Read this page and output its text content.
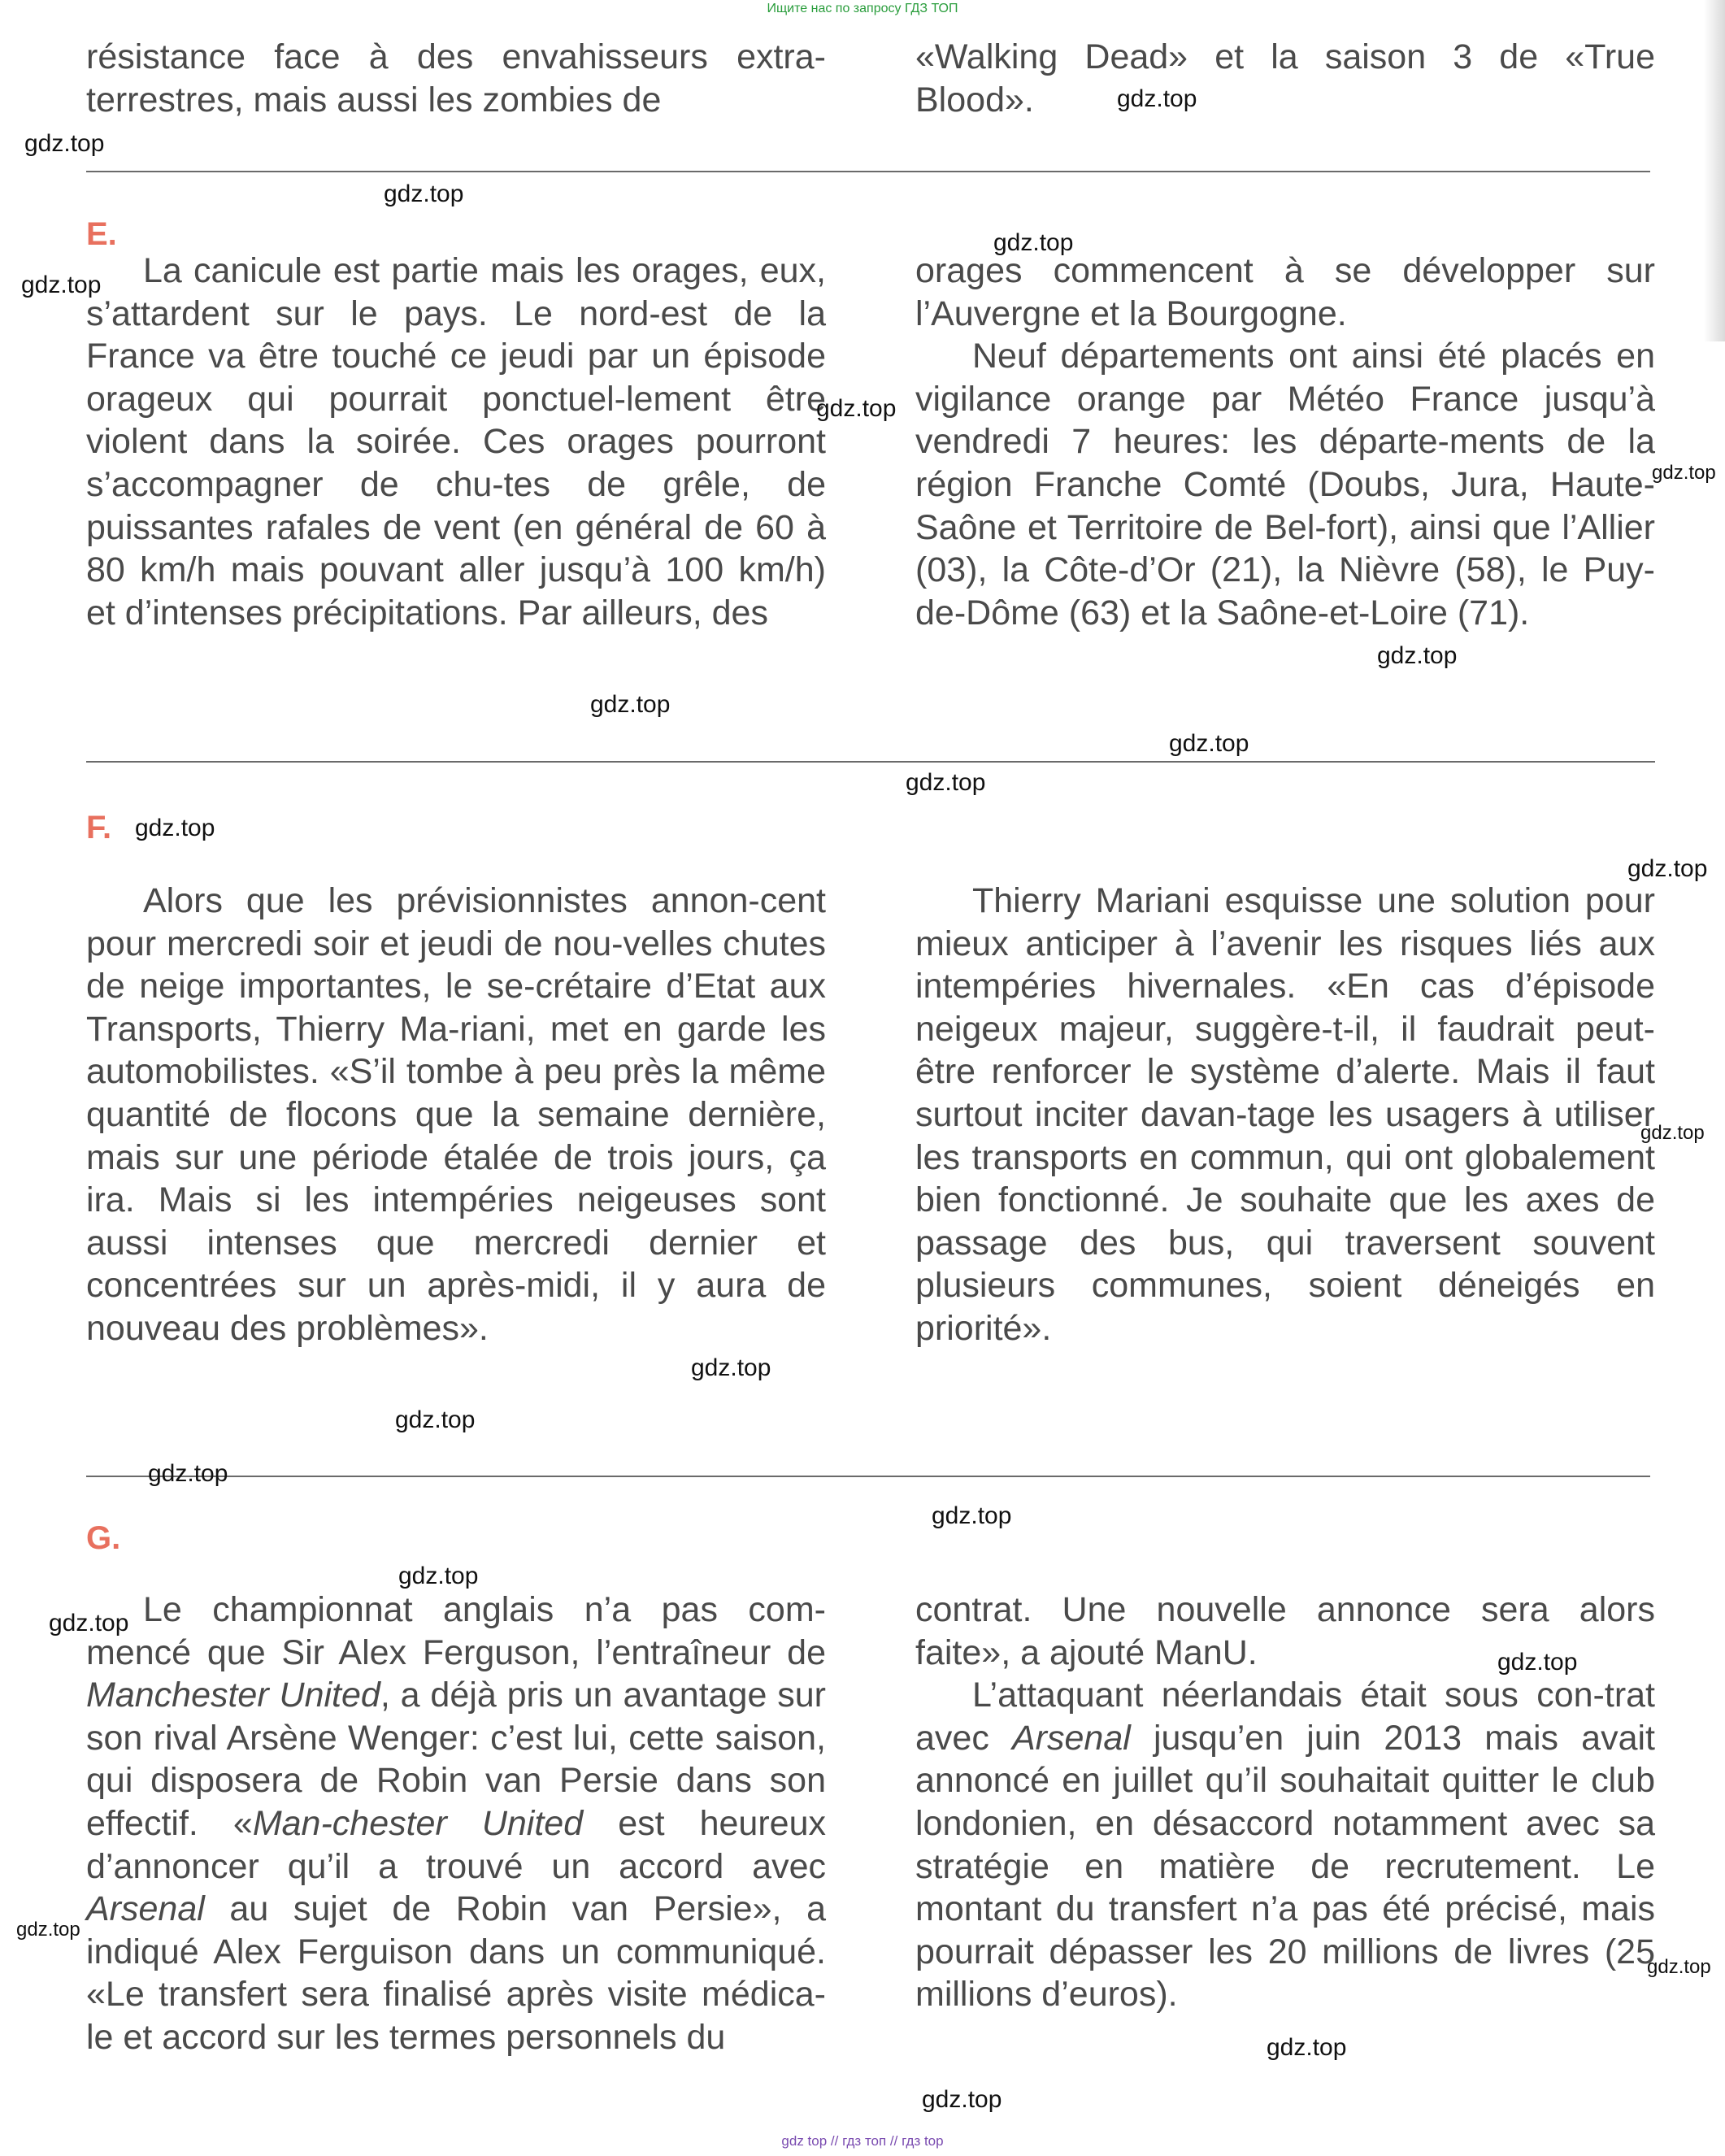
Ищите нас по запросу ГДЗ ТОП

résistance face à des envahisseurs extra-terrestres, mais aussi les zombies de

«Walking Dead» et la saison 3 de «True Blood».

E.

La canicule est partie mais les orages, eux, s’attardent sur le pays. Le nord-est de la France va être touché ce jeudi par un épisode orageux qui pourrait ponctuel-lement être violent dans la soirée. Ces orages pourront s’accompagner de chu-tes de grêle, de puissantes rafales de vent (en général de 60 à 80 km/h mais pouvant aller jusqu’à 100 km/h) et d’intenses précipitations. Par ailleurs, des

orages commencent à se développer sur l’Auvergne et la Bourgogne.

Neuf départements ont ainsi été placés en vigilance orange par Météo France jusqu’à vendredi 7 heures: les départe-ments de la région Franche Comté (Doubs, Jura, Haute-Saône et Territoire de Bel-fort), ainsi que l’Allier (03), la Côte-d’Or (21), la Nièvre (58), le Puy-de-Dôme (63) et la Saône-et-Loire (71).

F.

Alors que les prévisionnistes annon-cent pour mercredi soir et jeudi de nou-velles chutes de neige importantes, le se-crétaire d’Etat aux Transports, Thierry Ma-riani, met en garde les automobilistes. «S’il tombe à peu près la même quantité de flocons que la semaine dernière, mais sur une période étalée de trois jours, ça ira. Mais si les intempéries neigeuses sont aussi intenses que mercredi dernier et concentrées sur un après-midi, il y aura de nouveau des problèmes».

Thierry Mariani esquisse une solution pour mieux anticiper à l’avenir les risques liés aux intempéries hivernales. «En cas d’épisode neigeux majeur, suggère-t-il, il faudrait peut-être renforcer le système d’alerte. Mais il faut surtout inciter davan-tage les usagers à utiliser les transports en commun, qui ont globalement bien fonctionné. Je souhaite que les axes de passage des bus, qui traversent souvent plusieurs communes, soient déneigés en priorité».

G.

Le championnat anglais n’a pas com-mencé que Sir Alex Ferguson, l’entraîneur de Manchester United, a déjà pris un avantage sur son rival Arsène Wenger: c’est lui, cette saison, qui disposera de Robin van Persie dans son effectif. «Man-chester United est heureux d’annoncer qu’il a trouvé un accord avec Arsenal au sujet de Robin van Persie», a indiqué Alex Ferguison dans un communiqué. «Le transfert sera finalisé après visite médica-le et accord sur les termes personnels du

contrat. Une nouvelle annonce sera alors faite», a ajouté ManU.

L’attaquant néerlandais était sous con-trat avec Arsenal jusqu’en juin 2013 mais avait annoncé en juillet qu’il souhaitait quitter le club londonien, en désaccord notamment avec sa stratégie en matière de recrutement. Le montant du transfert n’a pas été précisé, mais pourrait dépasser les 20 millions de livres (25 millions d’euros).

gdz.top
gdz.top
gdz.top
gdz.top
gdz.top
gdz.top
gdz.top
gdz.top
gdz.top
gdz.top
gdz.top
gdz.top
gdz.top
gdz.top
gdz.top
gdz.top
gdz.top
gdz.top
gdz.top
gdz.top
gdz.top
gdz.top
gdz.top
gdz.top
gdz.top
gdz top // гдз топ // гдз top
